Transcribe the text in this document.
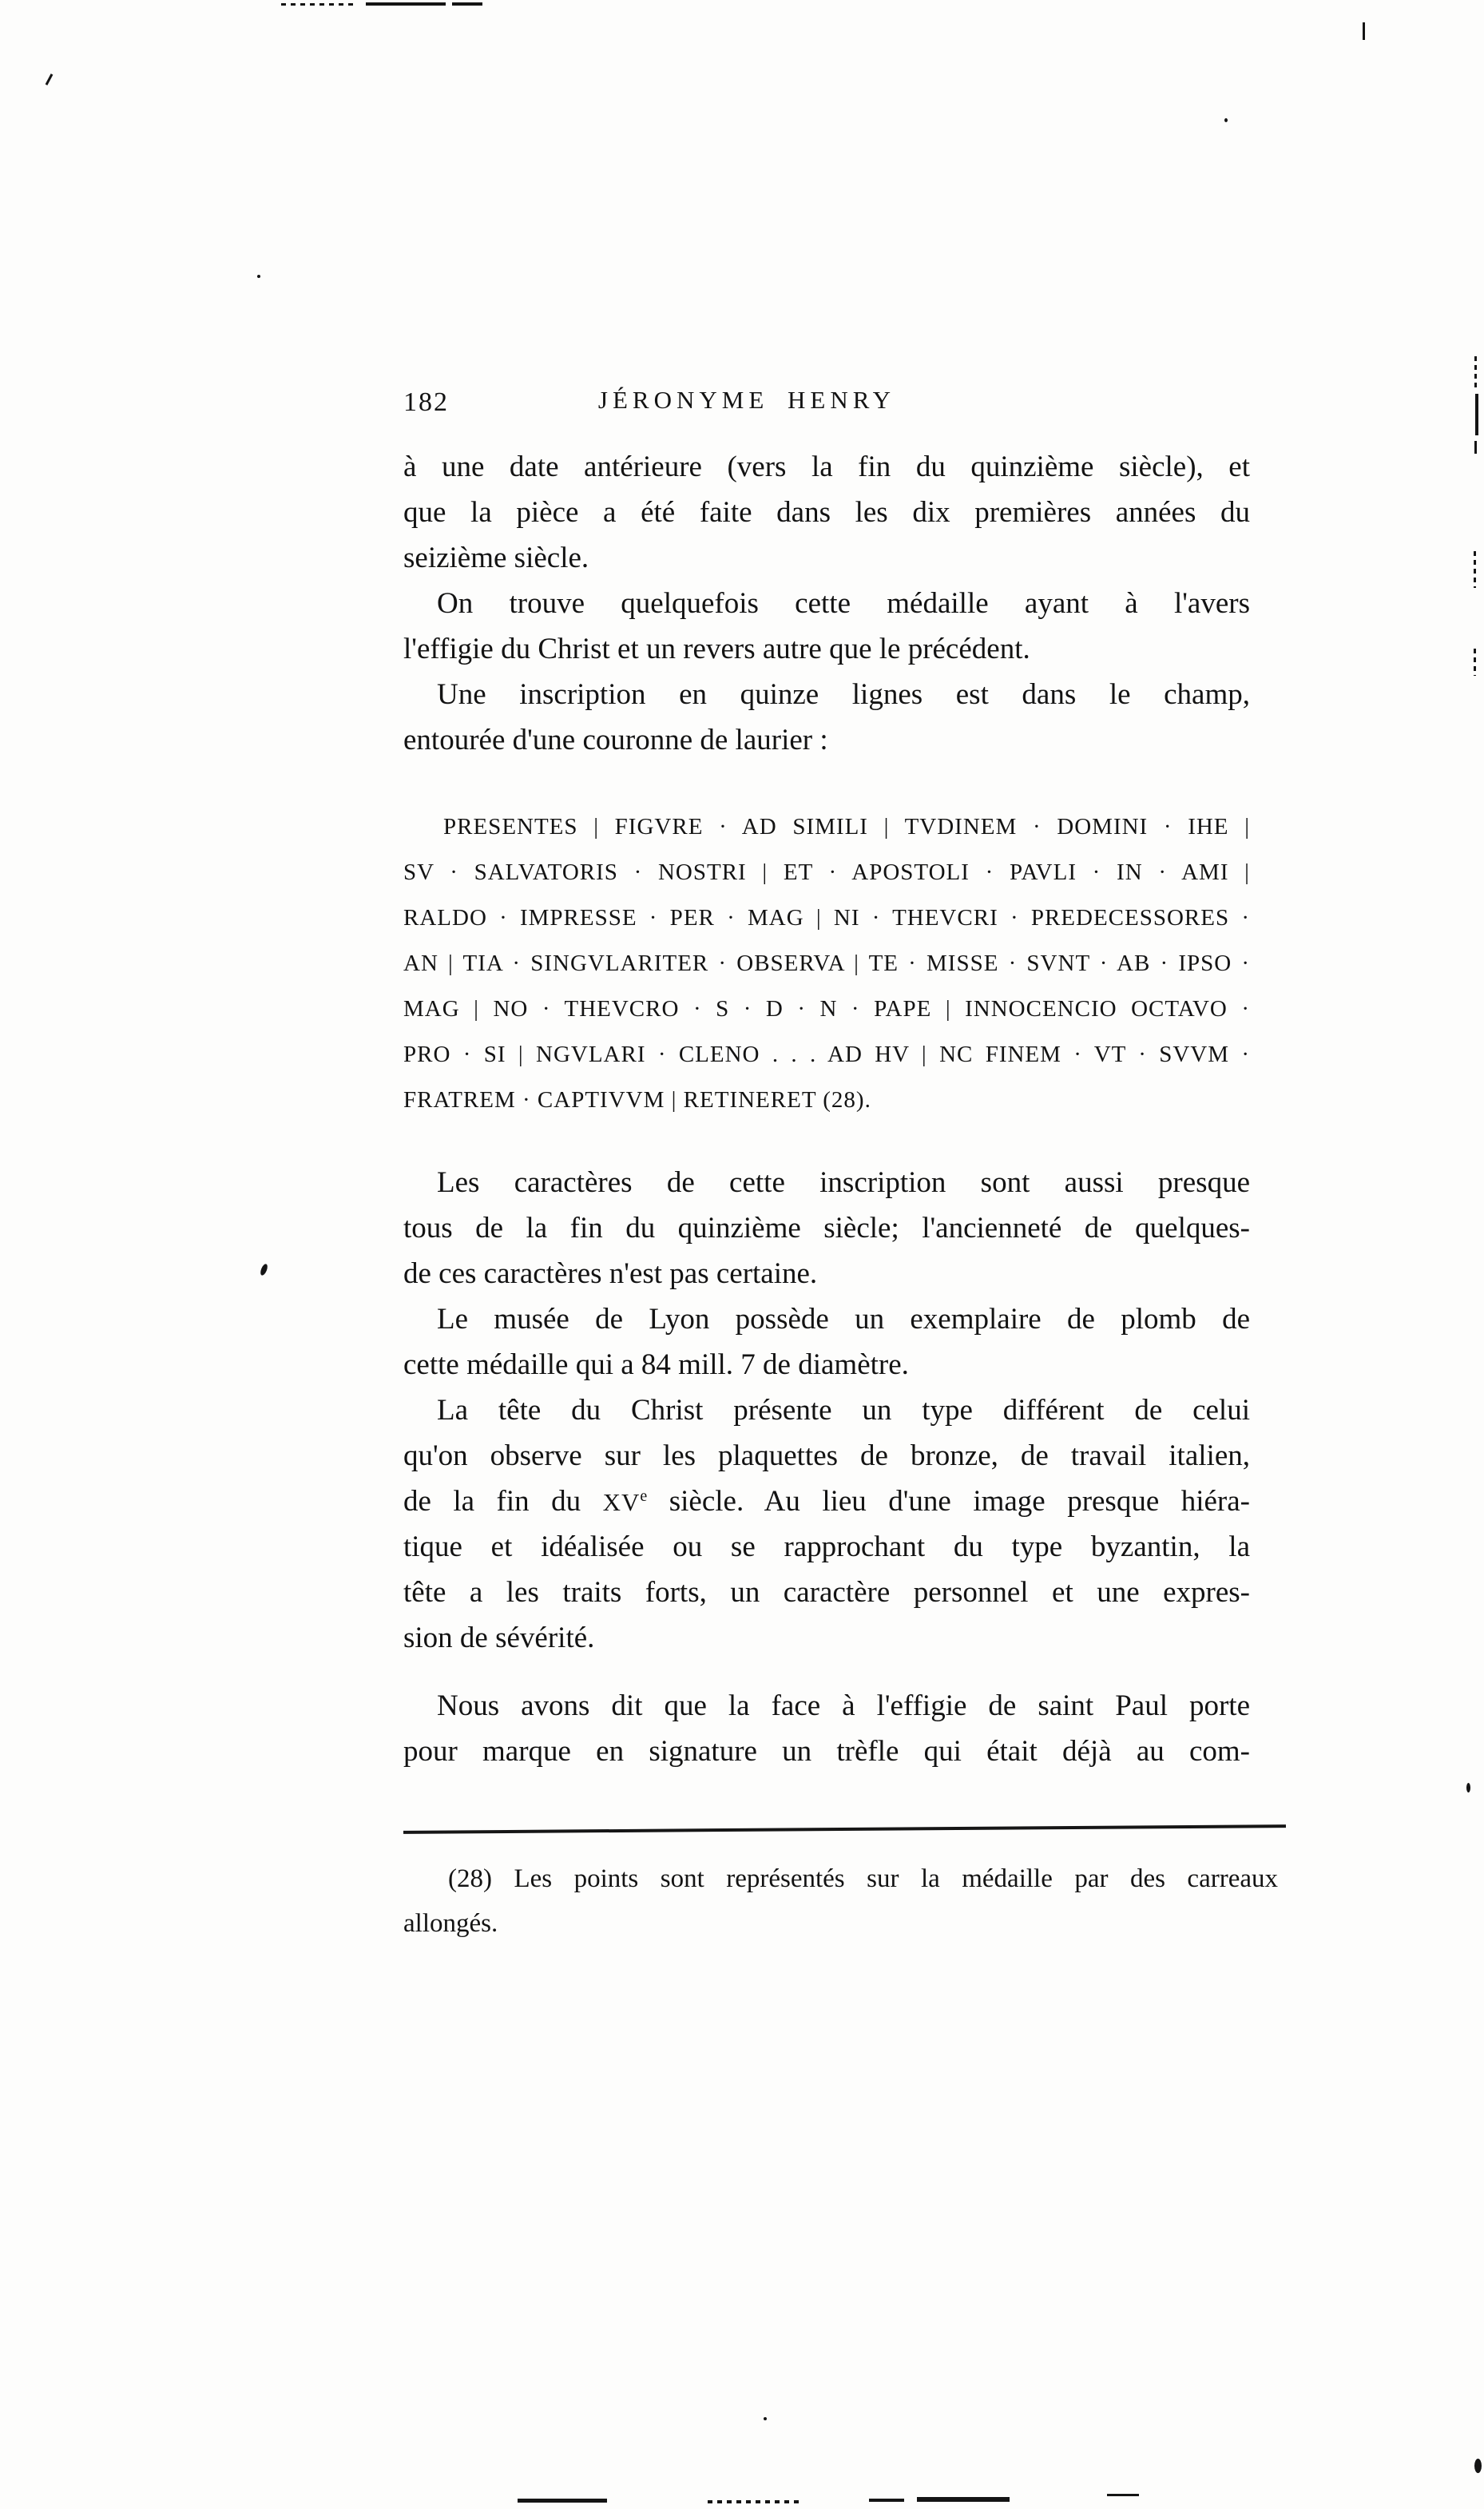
182	JÉRONYME HENRY
à une date antérieure (vers la fin du quinzième siècle), et
que la pièce a été faite dans les dix premières années du
seizième siècle.
On trouve quelquefois cette médaille ayant à l'avers
l'effigie du Christ et un revers autre que le précédent.
Une inscription en quinze lignes est dans le champ,
entourée d'une couronne de laurier :
PRESENTES | FIGVRE · AD SIMILI | TVDINEM · DOMINI · IHE |
SV · SALVATORIS · NOSTRI | ET · APOSTOLI · PAVLI · IN · AMI |
RALDO · IMPRESSE · PER · MAG | NI · THEVCRI · PREDECESSORES ·
AN | TIA · SINGVLARITER · OBSERVA | TE · MISSE · SVNT · AB · IPSO ·
MAG | NO · THEVCRO · S · D · N · PAPE | INNOCENCIO OCTAVO ·
PRO · SI | NGVLARI · CLENO . . . AD HV | NC FINEM · VT · SVVM ·
FRATREM · CAPTIVVM | RETINERET (28).
Les caractères de cette inscription sont aussi presque
tous de la fin du quinzième siècle; l'ancienneté de quelques-
de ces caractères n'est pas certaine.
Le musée de Lyon possède un exemplaire de plomb de
cette médaille qui a 84 mill. 7 de diamètre.
La tête du Christ présente un type différent de celui
qu'on observe sur les plaquettes de bronze, de travail italien,
de la fin du XVe siècle. Au lieu d'une image presque hiéra-
tique et idéalisée ou se rapprochant du type byzantin, la
tête a les traits forts, un caractère personnel et une expres-
sion de sévérité.
Nous avons dit que la face à l'effigie de saint Paul porte
pour marque en signature un trèfle qui était déjà au com-
(28) Les points sont représentés sur la médaille par des carreaux
allongés.
